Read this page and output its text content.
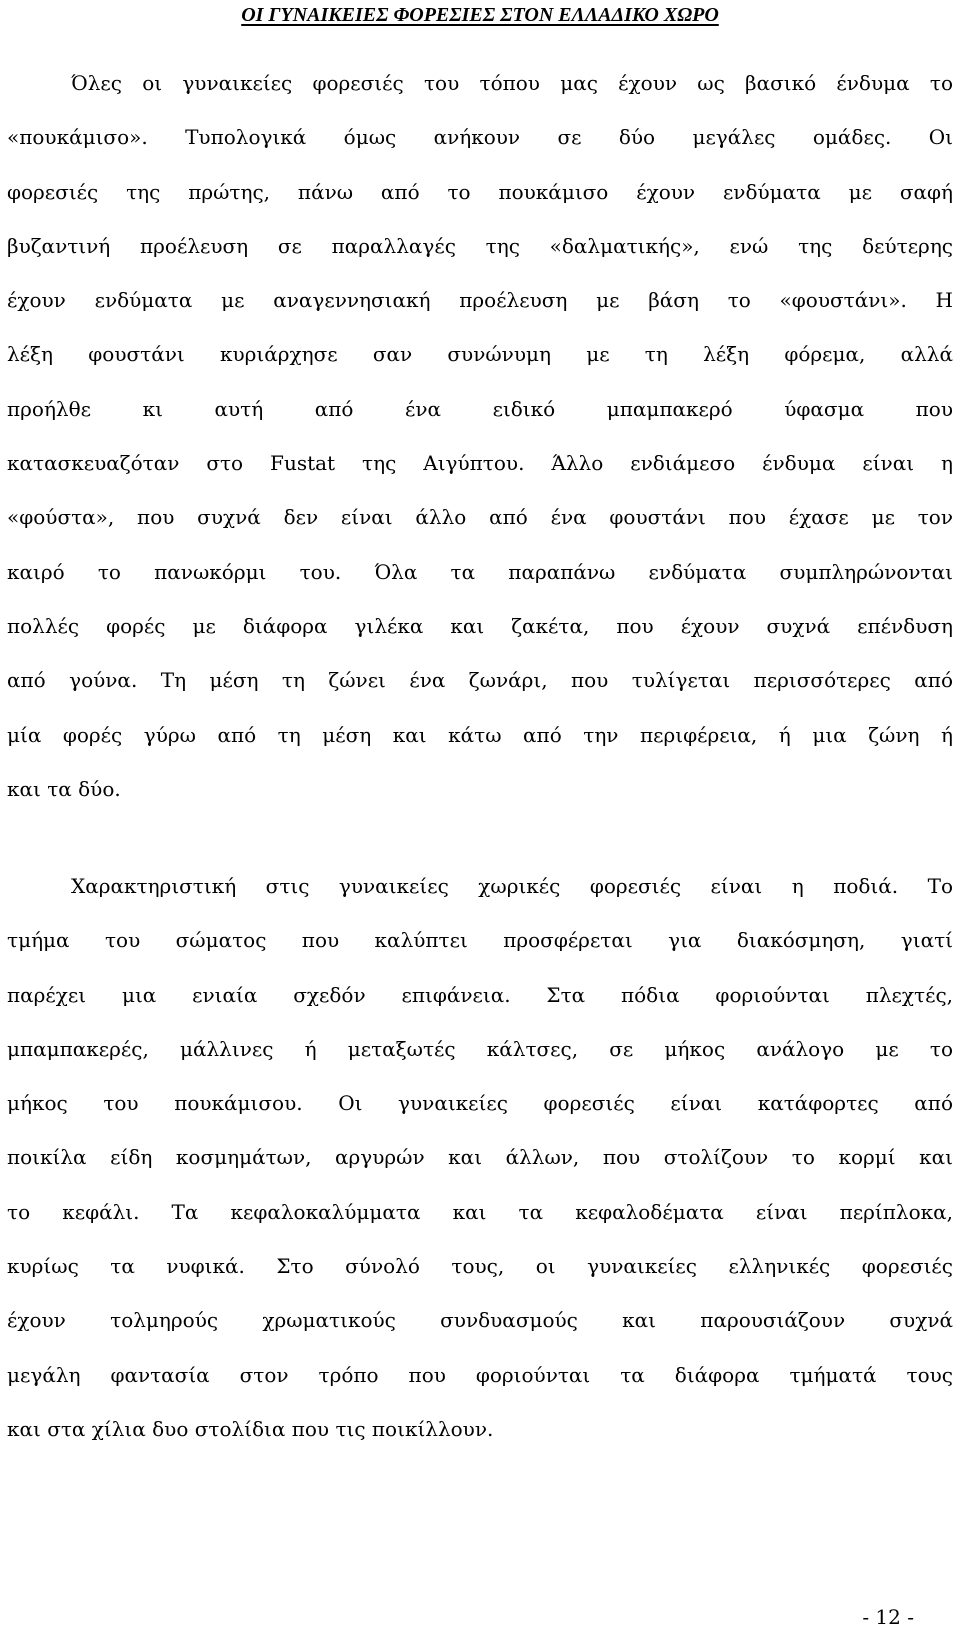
ΟΙ ΓΥΝΑΙΚΕΙΕΣ ΦΟΡΕΣΙΕΣ ΣΤΟΝ ΕΛΛΑΔΙΚΟ ΧΩΡΟ
Όλες οι γυναικείες φορεσιές του τόπου μας έχουν ως βασικό ένδυμα το
«πουκάμισο». Τυπολογικά όμως ανήκουν σε δύο μεγάλες ομάδες. Οι
φορεσιές της πρώτης, πάνω από το πουκάμισο έχουν ενδύματα με σαφή
βυζαντινή προέλευση σε παραλλαγές της «δαλματικής», ενώ της δεύτερης
έχουν ενδύματα με αναγεννησιακή προέλευση με βάση το «φουστάνι». Η
λέξη φουστάνι κυριάρχησε σαν συνώνυμη με τη λέξη φόρεμα, αλλά
προήλθε κι αυτή από ένα ειδικό μπαμπακερό ύφασμα που
κατασκευαζόταν στο Fustat της Αιγύπτου. Άλλο ενδιάμεσο ένδυμα είναι η
«φούστα», που συχνά δεν είναι άλλο από ένα φουστάνι που έχασε με τον
καιρό το πανωκόρμι του. Όλα τα παραπάνω ενδύματα συμπληρώνονται
πολλές φορές με διάφορα γιλέκα και ζακέτα, που έχουν συχνά επένδυση
από γούνα. Τη μέση τη ζώνει ένα ζωνάρι, που τυλίγεται περισσότερες από
μία φορές γύρω από τη μέση και κάτω από την περιφέρεια, ή μια ζώνη ή
και τα δύο.
Χαρακτηριστική στις γυναικείες χωρικές φορεσιές είναι η ποδιά. Το
τμήμα του σώματος που καλύπτει προσφέρεται για διακόσμηση, γιατί
παρέχει μια ενιαία σχεδόν επιφάνεια. Στα πόδια φοριούνται πλεχτές,
μπαμπακερές, μάλλινες ή μεταξωτές κάλτσες, σε μήκος ανάλογο με το
μήκος του πουκάμισου. Οι γυναικείες φορεσιές είναι κατάφορτες από
ποικίλα είδη κοσμημάτων, αργυρών και άλλων, που στολίζουν το κορμί και
το κεφάλι. Τα κεφαλοκαλύμματα και τα κεφαλοδέματα είναι περίπλοκα,
κυρίως τα νυφικά. Στο σύνολό τους, οι γυναικείες ελληνικές φορεσιές
έχουν τολμηρούς χρωματικούς συνδυασμούς και παρουσιάζουν συχνά
μεγάλη φαντασία στον τρόπο που φοριούνται τα διάφορα τμήματά τους
και στα χίλια δυο στολίδια που τις ποικίλλουν.

- 12 -
